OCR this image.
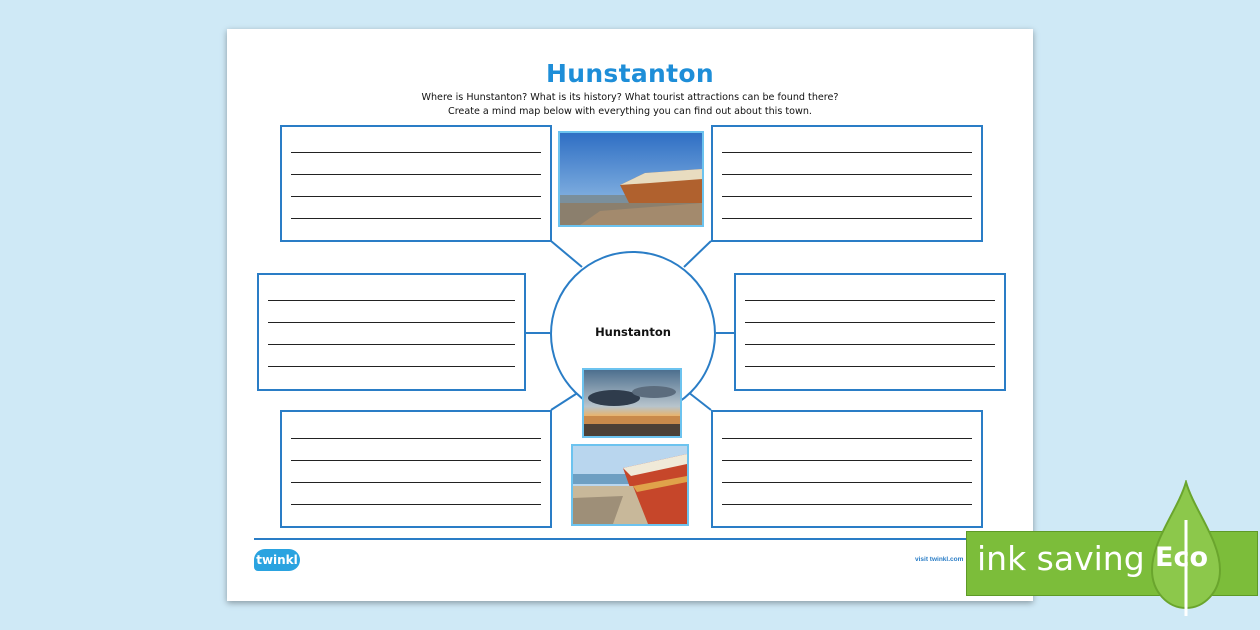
Hunstanton
Where is Hunstanton? What is its history? What tourist attractions can be found there?
Create a mind map below with everything you can find out about this town.
Hunstanton
twinkl	visit twinkl.com ink saving Eco
